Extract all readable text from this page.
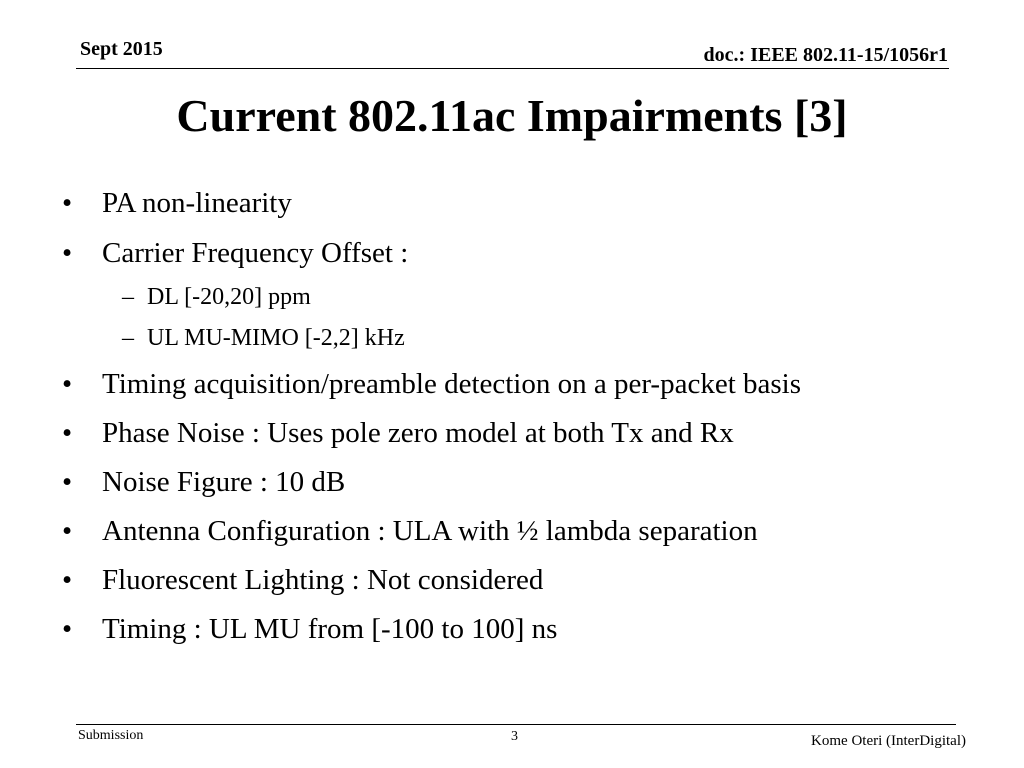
Sept 2015	doc.: IEEE 802.11-15/1056r1
Current 802.11ac Impairments [3]
• PA non-linearity
• Carrier Frequency Offset :
– DL [-20,20] ppm
– UL MU-MIMO [-2,2] kHz
• Timing acquisition/preamble detection on a per-packet basis
• Phase Noise : Uses pole zero model at both Tx and Rx
• Noise Figure : 10 dB
• Antenna Configuration : ULA with ½ lambda separation
• Fluorescent Lighting : Not considered
• Timing : UL MU from [-100 to 100] ns
Submission	3	Kome Oteri (InterDigital)
